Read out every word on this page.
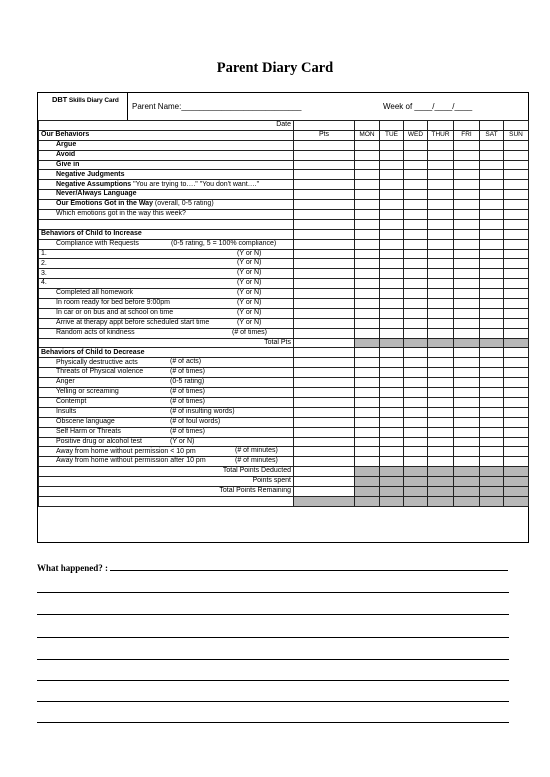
Parent Diary Card
DBT Skills Diary Card
Parent Name:___________________________	Week of ____/____/____
Date								
Our Behaviors	Pts	MON	TUE	WED	THUR	FRI	SAT	SUN
Argue								
Avoid								
Give in								
Negative Judgments								
Negative Assumptions "You are trying to…." "You don't want…."								
Never/Always Language								
Our Emotions Got in the Way (overall, 0-5 rating)								
Which emotions got in the way this week?								

Behaviors of Child to Increase								
Compliance with Requests (0-5 rating, 5 = 100% compliance)								

1. (Y or N)								

2. (Y or N)								

3. (Y or N)								

4. (Y or N)								

Completed all homework (Y or N)								

In room ready for bed before 9:00pm (Y or N)								

In car or on bus and at school on time (Y or N)								

Arrive at therapy appt before scheduled start time (Y or N)								

Random acts of kindness (# of times)								

Total Pts								
Behaviors of Child to Decrease								
Physically destructive acts (# of acts)								

Threats of Physical violence (# of times)								

Anger (0-5 rating)								

Yelling or screaming (# of times)								

Contempt (# of times)								

Insults (# of insulting words)								

Obscene language (# of foul words)								

Self Harm or Threats (# of times)								

Positive drug or alcohol test (Y or N)								

Away from home without permission < 10 pm (# of minutes)								

Away from home without permission after 10 pm (# of minutes)								

Total Points Deducted								
Points spent								
Total Points Remaining								

What happened? :
